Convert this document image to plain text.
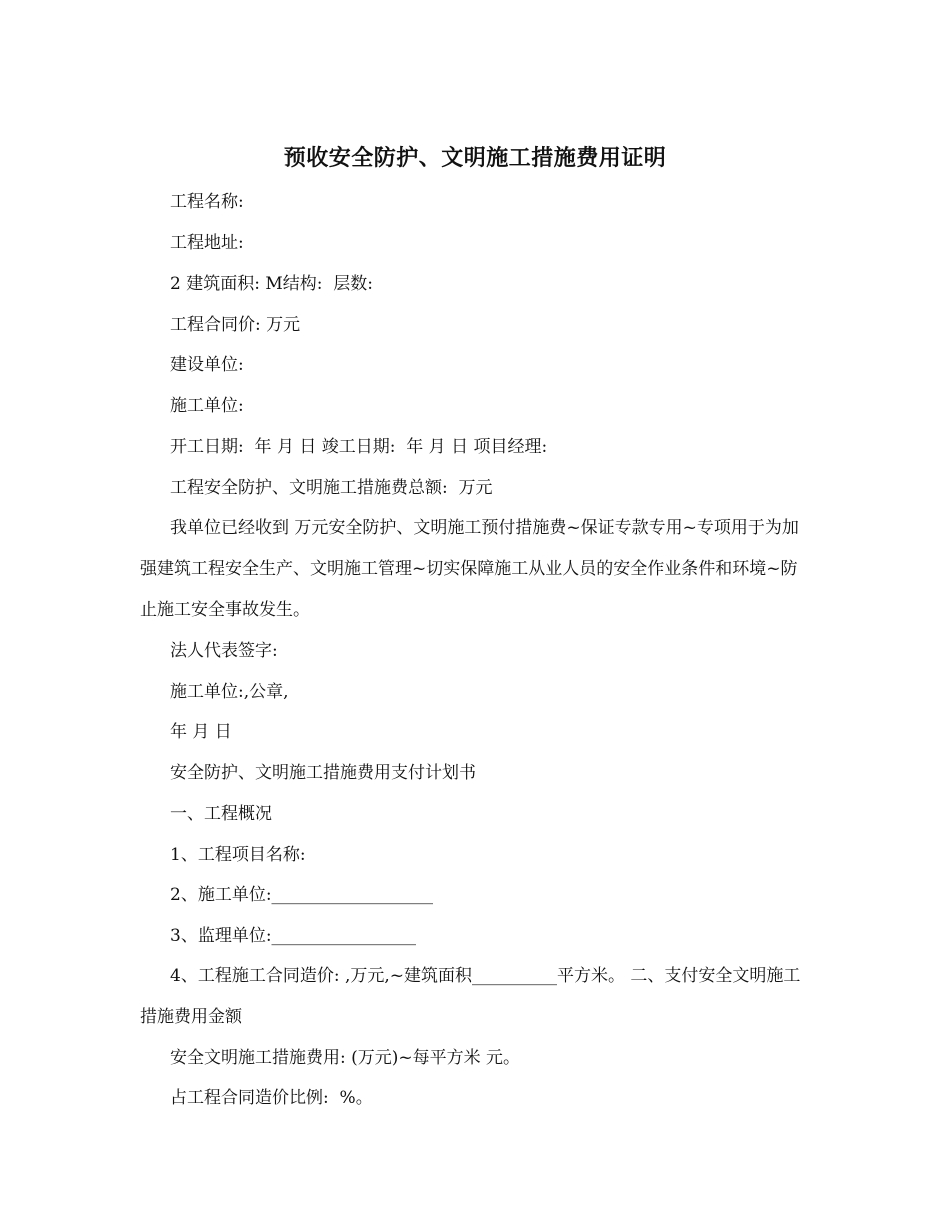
预收安全防护、文明施工措施费用证明
工程名称:
工程地址:
2 建筑面积: M结构:  层数:
工程合同价: 万元
建设单位:
施工单位:
开工日期:  年 月 日 竣工日期:  年 月 日 项目经理:
工程安全防护、文明施工措施费总额:  万元
我单位已经收到 万元安全防护、文明施工预付措施费~保证专款专用~专项用于为加强建筑工程安全生产、文明施工管理~切实保障施工从业人员的安全作业条件和环境~防止施工安全事故发生。
法人代表签字:
施工单位:,公章,
年 月 日
安全防护、文明施工措施费用支付计划书
一、工程概况
1、工程项目名称:
2、施工单位:___________________
3、监理单位:_________________
4、工程施工合同造价: ,万元,~建筑面积__________平方米。 二、支付安全文明施工措施费用金额
安全文明施工措施费用: (万元)~每平方米 元。
占工程合同造价比例:  %。
